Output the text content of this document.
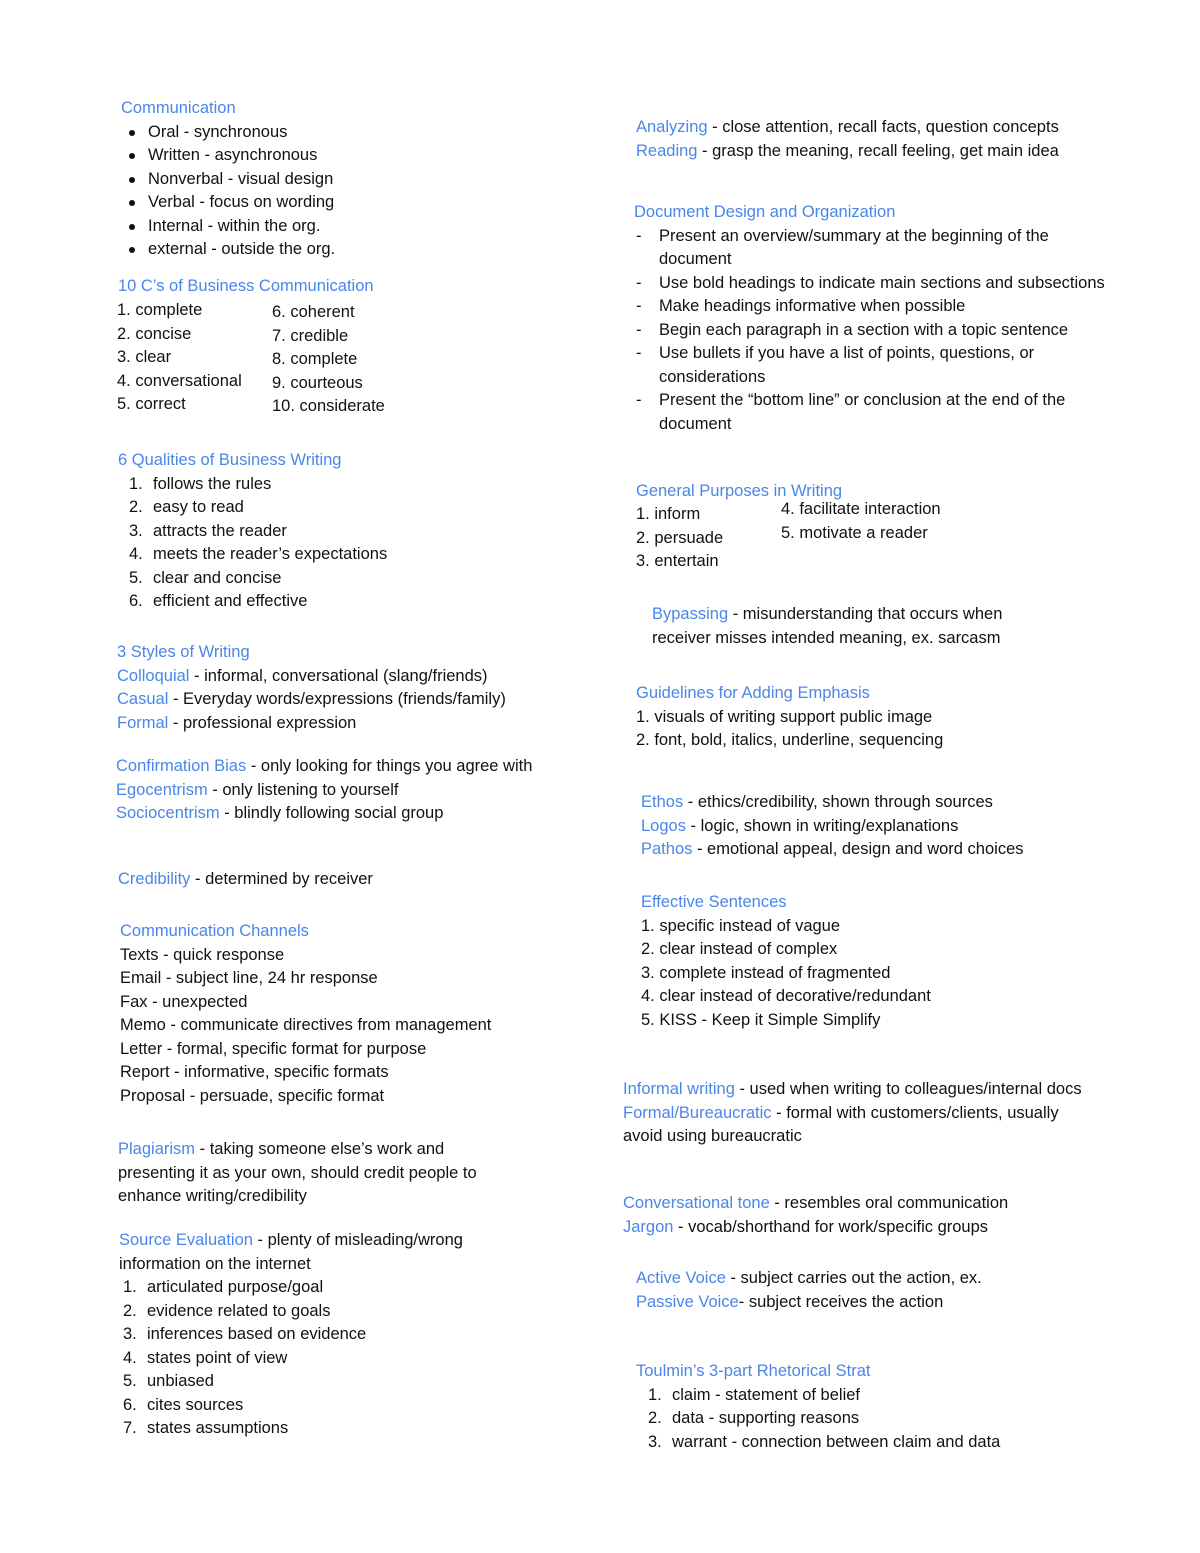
Communication

Oral - synchronous
Written - asynchronous
Nonverbal - visual design
Verbal - focus on wording
Internal - within the org.
external - outside the org.

10 C’s of Business Communication

1. complete

2. concise

3. clear

4. conversational

5. correct

6. coherent

7. credible

8. complete

9. courteous

10. considerate

6 Qualities of Business Writing

1. follows the rules
2. easy to read
3. attracts the reader
4. meets the reader’s expectations
5. clear and concise
6. efficient and effective

3 Styles of Writing

Colloquial - informal, conversational (slang/friends)

Casual - Everyday words/expressions (friends/family)

Formal - professional expression

Confirmation Bias - only looking for things you agree with

Egocentrism - only listening to yourself

Sociocentrism - blindly following social group

Credibility - determined by receiver

Communication Channels

Texts - quick response

Email - subject line, 24 hr response

Fax - unexpected

Memo - communicate directives from management

Letter - formal, specific format for purpose

Report - informative, specific formats

Proposal - persuade, specific format

Plagiarism - taking someone else’s work and

presenting it as your own, should credit people to

enhance writing/credibility

Source Evaluation - plenty of misleading/wrong

information on the internet

1. articulated purpose/goal
2. evidence related to goals
3. inferences based on evidence
4. states point of view
5. unbiased
6. cites sources
7. states assumptions

Analyzing - close attention, recall facts, question concepts

Reading - grasp the meaning, recall feeling, get main idea

Document Design and Organization

- Present an overview/summary at the beginning of the document
- Use bold headings to indicate main sections and subsections
- Make headings informative when possible
- Begin each paragraph in a section with a topic sentence
- Use bullets if you have a list of points, questions, or considerations
- Present the “bottom line” or conclusion at the end of the document

General Purposes in Writing

1. inform

2. persuade

3. entertain

4. facilitate interaction

5. motivate a reader

Bypassing - misunderstanding that occurs when

receiver misses intended meaning, ex. sarcasm

Guidelines for Adding Emphasis

1. visuals of writing support public image

2. font, bold, italics, underline, sequencing

Ethos - ethics/credibility, shown through sources

Logos - logic, shown in writing/explanations

Pathos - emotional appeal, design and word choices

Effective Sentences

1. specific instead of vague

2. clear instead of complex

3. complete instead of fragmented

4. clear instead of decorative/redundant

5. KISS - Keep it Simple Simplify

Informal writing - used when writing to colleagues/internal docs

Formal/Bureaucratic - formal with customers/clients, usually

avoid using bureaucratic

Conversational tone - resembles oral communication

Jargon - vocab/shorthand for work/specific groups

Active Voice - subject carries out the action, ex.

Passive Voice- subject receives the action

Toulmin’s 3-part Rhetorical Strat

1. claim - statement of belief
2. data - supporting reasons
3. warrant - connection between claim and data
